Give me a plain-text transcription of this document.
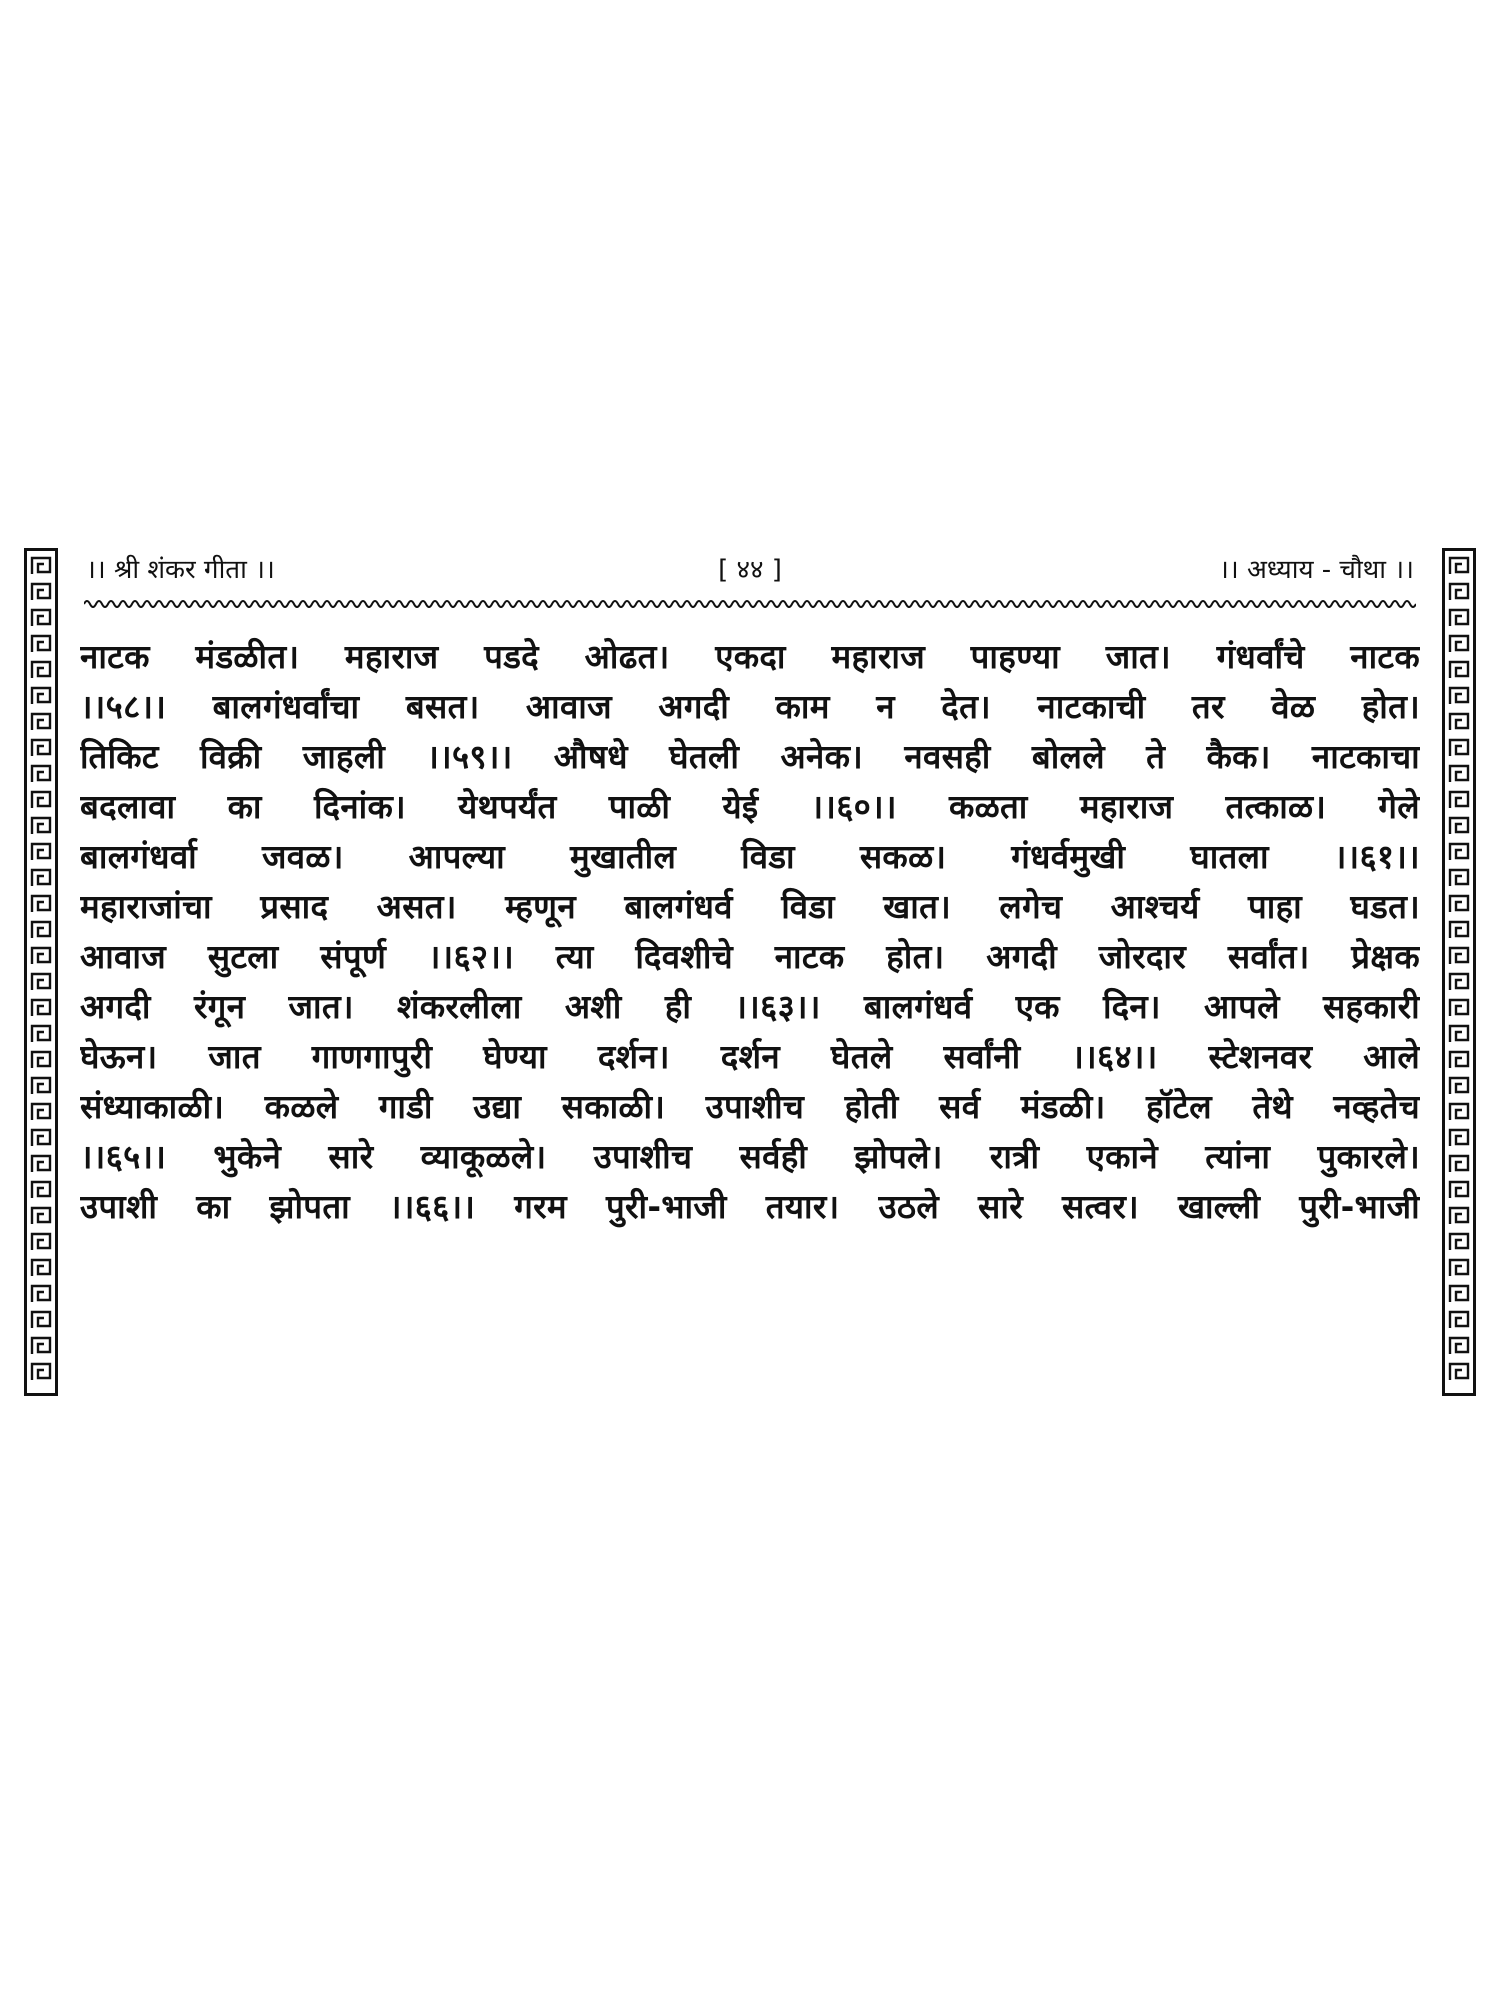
।। श्री शंकर गीता ।।	[ ४४ ]	।। अध्याय - चौथा ।।
नाटक मंडळीत। महाराज पडदे ओढत। एकदा महाराज पाहण्या जात। गंधर्वांचे नाटक
।।५८।। बालगंधर्वांचा बसत। आवाज अगदी काम न देत। नाटकाची तर वेळ होत।
तिकिट विक्री जाहली ।।५९।। औषधे घेतली अनेक। नवसही बोलले ते कैक। नाटकाचा
बदलावा का दिनांक। येथपर्यंत पाळी येई ।।६०।। कळता महाराज तत्काळ। गेले
बालगंधर्वा जवळ। आपल्या मुखातील विडा सकळ। गंधर्वमुखी घातला ।।६१।।
महाराजांचा प्रसाद असत। म्हणून बालगंधर्व विडा खात। लगेच आश्चर्य पाहा घडत।
आवाज सुटला संपूर्ण ।।६२।। त्या दिवशीचे नाटक होत। अगदी जोरदार सर्वांत। प्रेक्षक
अगदी रंगून जात। शंकरलीला अशी ही ।।६३।। बालगंधर्व एक दिन। आपले सहकारी
घेऊन। जात गाणगापुरी घेण्या दर्शन। दर्शन घेतले सर्वांनी ।।६४।। स्टेशनवर आले
संध्याकाळी। कळले गाडी उद्या सकाळी। उपाशीच होती सर्व मंडळी। हॉटेल तेथे नव्हतेच
।।६५।। भुकेने सारे व्याकूळले। उपाशीच सर्वही झोपले। रात्री एकाने त्यांना पुकारले।
उपाशी का झोपता ।।६६।। गरम पुरी-भाजी तयार। उठले सारे सत्वर। खाल्ली पुरी-भाजी
